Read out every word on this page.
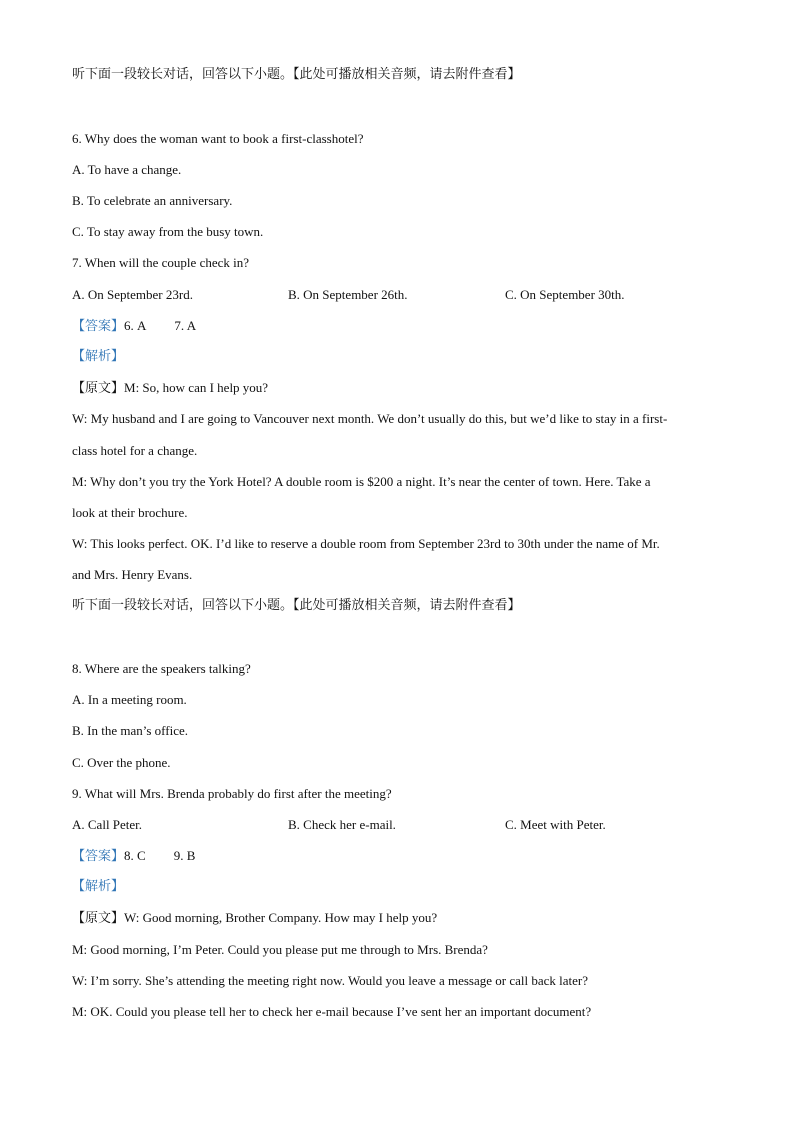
听下面一段较长对话，回答以下小题。【此处可播放相关音频，请去附件查看】
6. Why does the woman want to book a first-classhotel?
A. To have a change.
B. To celebrate an anniversary.
C. To stay away from the busy town.
7. When will the couple check in?
A. On September 23rd.	B. On September 26th.	C. On September 30th.
【答案】6. A 7. A
【解析】
【原文】M: So, how can I help you?
W: My husband and I are going to Vancouver next month. We don’t usually do this, but we’d like to stay in a first-
class hotel for a change.
M: Why don’t you try the York Hotel? A double room is $200 a night. It’s near the center of town. Here. Take a
look at their brochure.
W: This looks perfect. OK. I’d like to reserve a double room from September 23rd to 30th under the name of Mr.
and Mrs. Henry Evans.
听下面一段较长对话，回答以下小题。【此处可播放相关音频，请去附件查看】
8. Where are the speakers talking?
A. In a meeting room.
B. In the man’s office.
C. Over the phone.
9. What will Mrs. Brenda probably do first after the meeting?
A. Call Peter.	B. Check her e-mail.	C. Meet with Peter.
【答案】8. C 9. B
【解析】
【原文】W: Good morning, Brother Company. How may I help you?
M: Good morning, I’m Peter. Could you please put me through to Mrs. Brenda?
W: I’m sorry. She’s attending the meeting right now. Would you leave a message or call back later?
M: OK. Could you please tell her to check her e-mail because I’ve sent her an important document?
